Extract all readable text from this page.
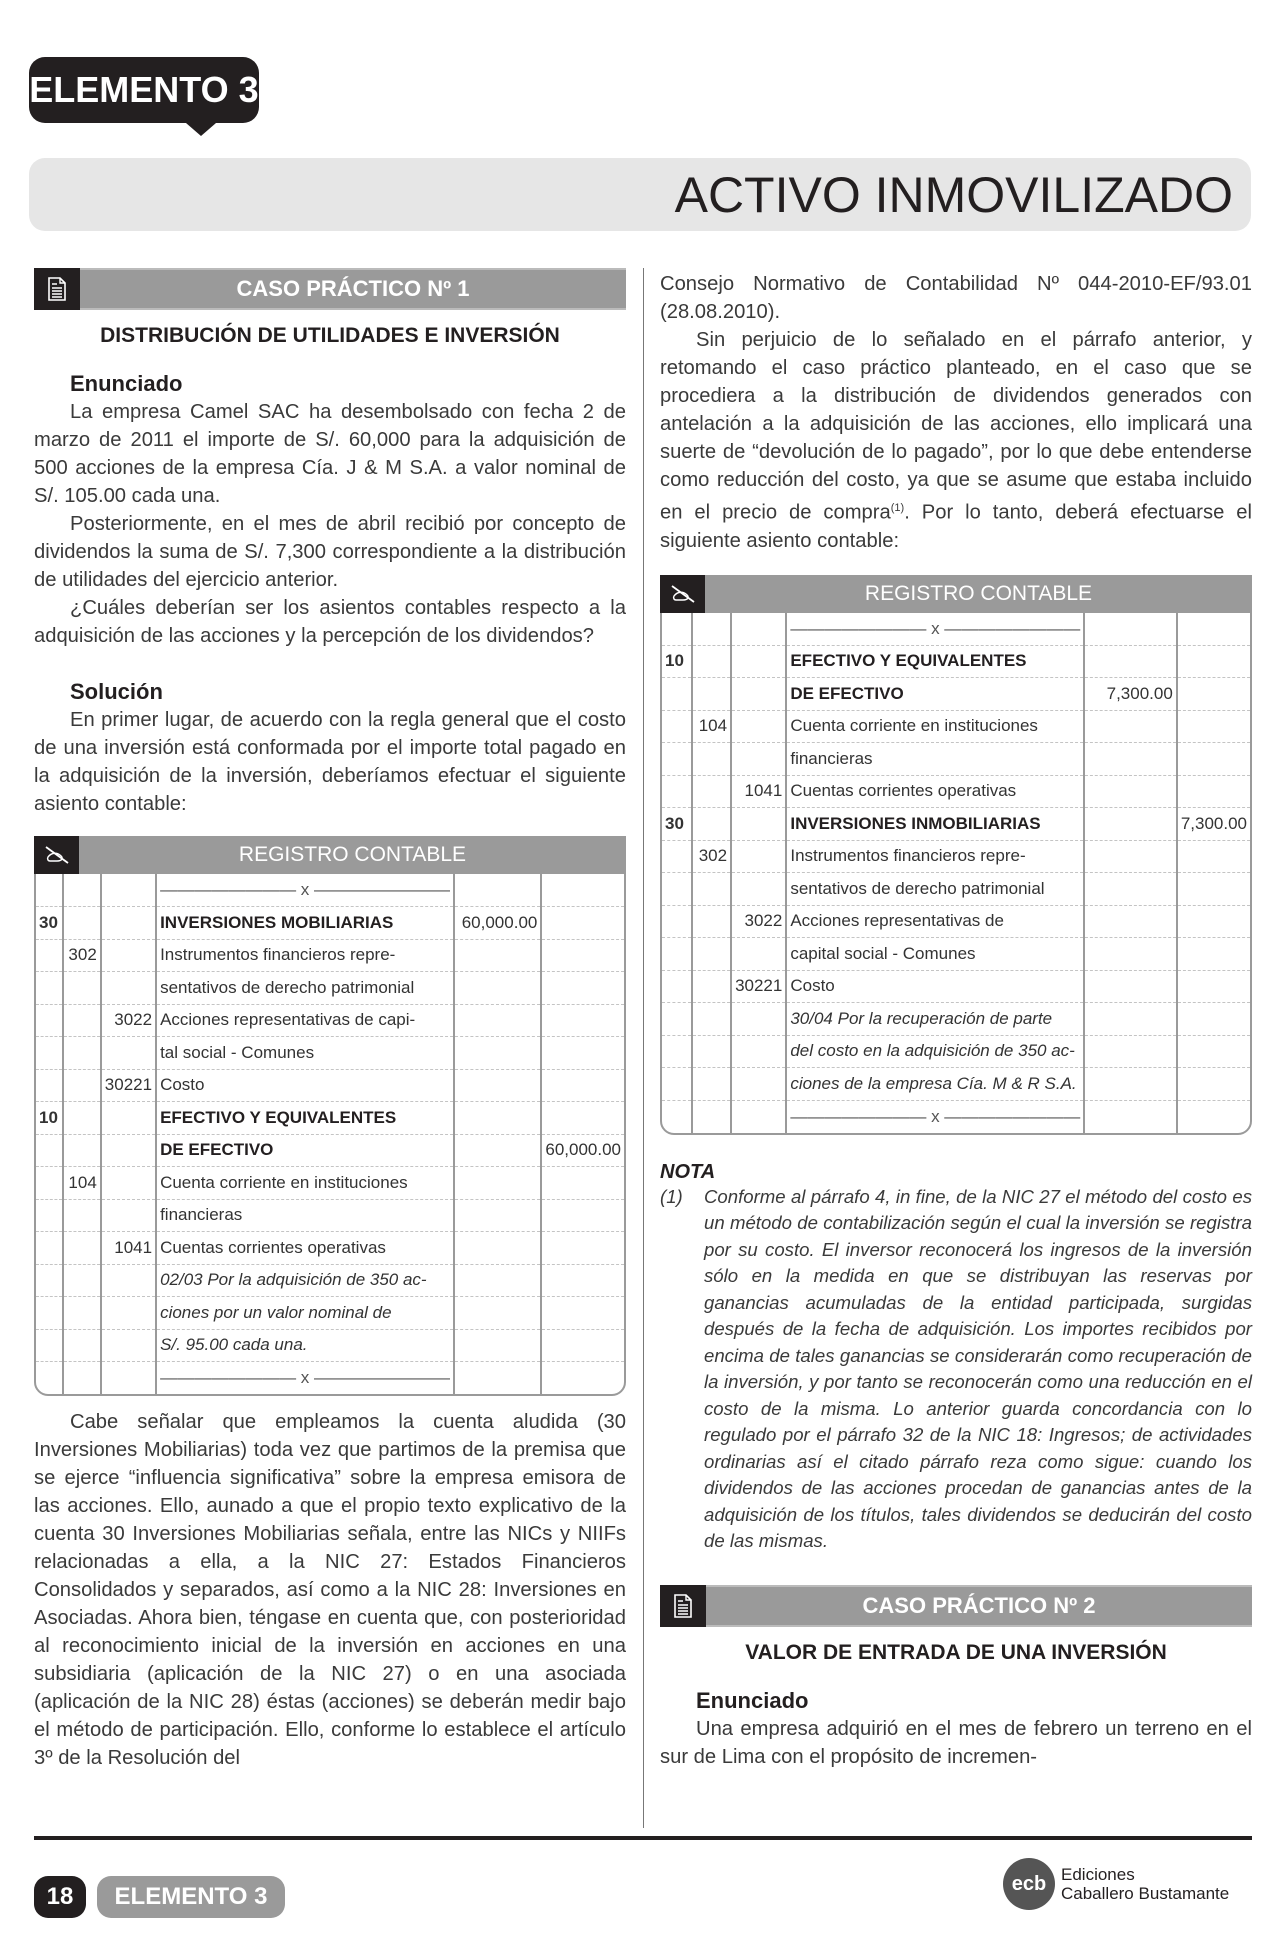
ELEMENTO 3
ACTIVO INMOVILIZADO
CASO PRÁCTICO Nº 1
DISTRIBUCIÓN DE UTILIDADES E INVERSIÓN
Enunciado

La empresa Camel SAC ha desembolsado con fecha 2 de marzo de 2011 el importe de S/. 60,000 para la adquisición de 500 acciones de la empresa Cía. J & M S.A. a valor nominal de S/. 105.00 cada una.

Posteriormente, en el mes de abril recibió por concepto de dividendos la suma de S/. 7,300 correspondiente a la distribución de utilidades del ejercicio anterior.

¿Cuáles deberían ser los asientos contables respecto a la adquisición de las acciones y la percepción de los dividendos?

Solución

En primer lugar, de acuerdo con la regla general que el costo de una inversión está conformada por el importe total pagado en la adquisición de la inversión, deberíamos efectuar el siguiente asiento contable:

REGISTRO CONTABLE
			———————— x ————————		
30			INVERSIONES MOBILIARIAS	60,000.00	
	302		Instrumentos financieros repre-		
			sentativos de derecho patrimonial		
		3022	Acciones representativas de capi-		
			tal social - Comunes		
		30221	Costo		
10			EFECTIVO Y EQUIVALENTES		
			DE EFECTIVO		60,000.00
	104		Cuenta corriente en instituciones		
			financieras		
		1041	Cuentas corrientes operativas		
			02/03 Por la adquisición de 350 ac-		
			ciones por un valor nominal de		
			S/. 95.00 cada una.		
			———————— x ————————		

Cabe señalar que empleamos la cuenta aludida (30 Inversiones Mobiliarias) toda vez que partimos de la premisa que se ejerce “influencia significativa” sobre la empresa emisora de las acciones. Ello, aunado a que el propio texto explicativo de la cuenta 30 Inversiones Mobiliarias señala, entre las NICs y NIIFs relacionadas a ella, a la NIC 27: Estados Financieros Consolidados y separados, así como a la NIC 28: Inversiones en Asociadas. Ahora bien, téngase en cuenta que, con posterioridad al reconocimiento inicial de la inversión en acciones en una subsidiaria (aplicación de la NIC 27) o en una asociada (aplicación de la NIC 28) éstas (acciones) se deberán medir bajo el método de participación. Ello, conforme lo establece el artículo 3º de la Resolución del

Consejo Normativo de Contabilidad Nº 044-2010-EF/93.01 (28.08.2010).

Sin perjuicio de lo señalado en el párrafo anterior, y retomando el caso práctico planteado, en el caso que se procediera a la distribución de dividendos generados con antelación a la adquisición de las acciones, ello implicará una suerte de “devolución de lo pagado”, por lo que debe entenderse como reducción del costo, ya que se asume que estaba incluido en el precio de compra$^{(1)}$. Por lo tanto, deberá efectuarse el siguiente asiento contable:

REGISTRO CONTABLE
			———————— x ————————		
10			EFECTIVO Y EQUIVALENTES		
			DE EFECTIVO	7,300.00	
	104		Cuenta corriente en instituciones		
			financieras		
		1041	Cuentas corrientes operativas		
30			INVERSIONES INMOBILIARIAS		7,300.00
	302		Instrumentos financieros repre-		
			sentativos de derecho patrimonial		
		3022	Acciones representativas de		
			capital social - Comunes		
		30221	Costo		
			30/04 Por la recuperación de parte		
			del costo en la adquisición de 350 ac-		
			ciones de la empresa Cía. M & R S.A.		
			———————— x ————————		
NOTA
(1)	Conforme al párrafo 4, in fine, de la NIC 27 el método del costo es un método de contabilización según el cual la inversión se registra por su costo. El inversor reconocerá los ingresos de la inversión sólo en la medida en que se distribuyan las reservas por ganancias acumuladas de la entidad participada, surgidas después de la fecha de adquisición. Los importes recibidos por encima de tales ganancias se considerarán como recuperación de la inversión, y por tanto se reconocerán como una reducción en el costo de la misma. Lo anterior guarda concordancia con lo regulado por el párrafo 32 de la NIC 18: Ingresos; de actividades ordinarias así el citado párrafo reza como sigue: cuando los dividendos de las acciones procedan de ganancias antes de la adquisición de los títulos, tales dividendos se deducirán del costo de las mismas.
CASO PRÁCTICO Nº 2
VALOR DE ENTRADA DE UNA INVERSIÓN
Enunciado

Una empresa adquirió en el mes de febrero un terreno en el sur de Lima con el propósito de incremen-

18	ELEMENTO 3	ecb Ediciones
Caballero Bustamante
